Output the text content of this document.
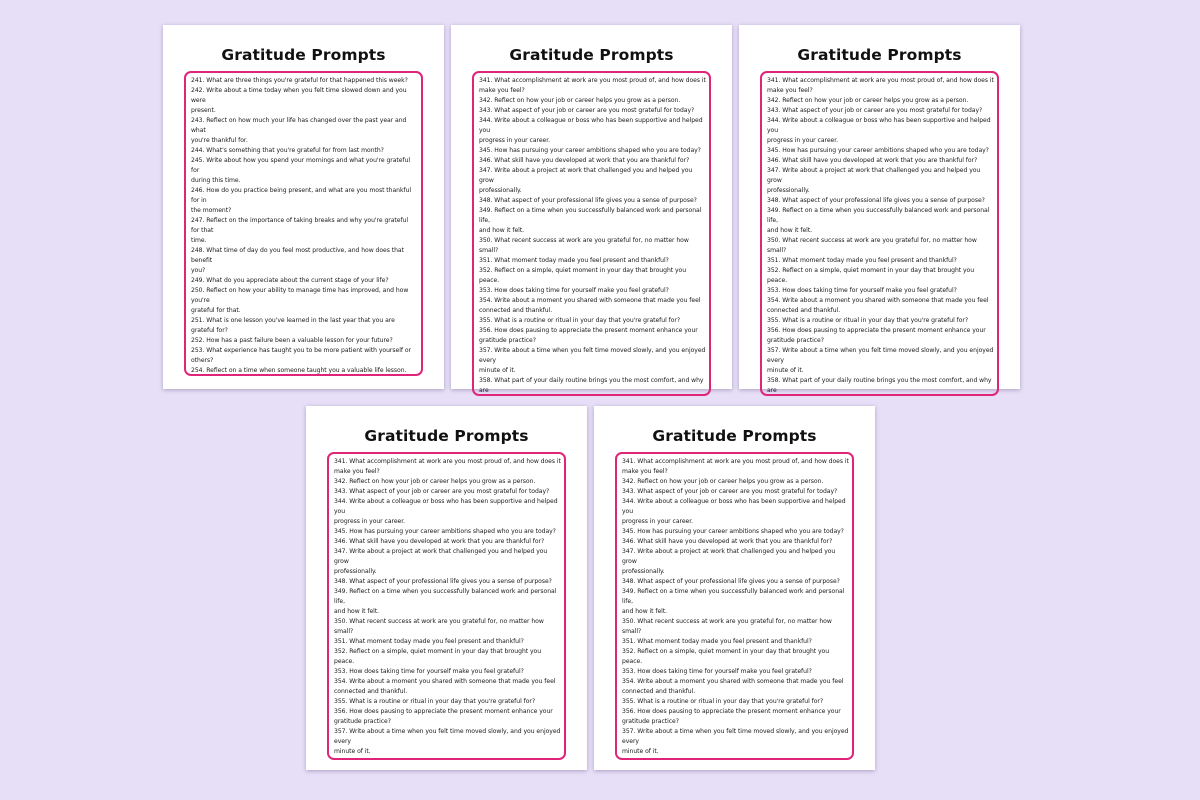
Gratitude Prompts
241. What are three things you're grateful for that happened this week?
242. Write about a time today when you felt time slowed down and you were
present.
243. Reflect on how much your life has changed over the past year and what
you're thankful for.
244. What's something that you're grateful for from last month?
245. Write about how you spend your mornings and what you're grateful for
during this time.
246. How do you practice being present, and what are you most thankful for in
the moment?
247. Reflect on the importance of taking breaks and why you're grateful for that
time.
248. What time of day do you feel most productive, and how does that benefit
you?
249. What do you appreciate about the current stage of your life?
250. Reflect on how your ability to manage time has improved, and how you're
grateful for that.
251. What is one lesson you've learned in the last year that you are grateful for?
252. How has a past failure been a valuable lesson for your future?
253. What experience has taught you to be more patient with yourself or others?
254. Reflect on a time when someone taught you a valuable life lesson.
Gratitude Prompts
341. What accomplishment at work are you most proud of, and how does it
make you feel?
342. Reflect on how your job or career helps you grow as a person.
343. What aspect of your job or career are you most grateful for today?
344. Write about a colleague or boss who has been supportive and helped you
progress in your career.
345. How has pursuing your career ambitions shaped who you are today?
346. What skill have you developed at work that you are thankful for?
347. Write about a project at work that challenged you and helped you grow
professionally.
348. What aspect of your professional life gives you a sense of purpose?
349. Reflect on a time when you successfully balanced work and personal life,
and how it felt.
350. What recent success at work are you grateful for, no matter how small?
351. What moment today made you feel present and thankful?
352. Reflect on a simple, quiet moment in your day that brought you peace.
353. How does taking time for yourself make you feel grateful?
354. Write about a moment you shared with someone that made you feel
connected and thankful.
355. What is a routine or ritual in your day that you're grateful for?
356. How does pausing to appreciate the present moment enhance your
gratitude practice?
357. Write about a time when you felt time moved slowly, and you enjoyed every
minute of it.
358. What part of your daily routine brings you the most comfort, and why are

Gratitude Prompts
341. What accomplishment at work are you most proud of, and how does it
make you feel?
342. Reflect on how your job or career helps you grow as a person.
343. What aspect of your job or career are you most grateful for today?
344. Write about a colleague or boss who has been supportive and helped you
progress in your career.
345. How has pursuing your career ambitions shaped who you are today?
346. What skill have you developed at work that you are thankful for?
347. Write about a project at work that challenged you and helped you grow
professionally.
348. What aspect of your professional life gives you a sense of purpose?
349. Reflect on a time when you successfully balanced work and personal life,
and how it felt.
350. What recent success at work are you grateful for, no matter how small?
351. What moment today made you feel present and thankful?
352. Reflect on a simple, quiet moment in your day that brought you peace.
353. How does taking time for yourself make you feel grateful?
354. Write about a moment you shared with someone that made you feel
connected and thankful.
355. What is a routine or ritual in your day that you're grateful for?
356. How does pausing to appreciate the present moment enhance your
gratitude practice?
357. Write about a time when you felt time moved slowly, and you enjoyed every
minute of it.
358. What part of your daily routine brings you the most comfort, and why are

Gratitude Prompts
341. What accomplishment at work are you most proud of, and how does it
make you feel?
342. Reflect on how your job or career helps you grow as a person.
343. What aspect of your job or career are you most grateful for today?
344. Write about a colleague or boss who has been supportive and helped you
progress in your career.
345. How has pursuing your career ambitions shaped who you are today?
346. What skill have you developed at work that you are thankful for?
347. Write about a project at work that challenged you and helped you grow
professionally.
348. What aspect of your professional life gives you a sense of purpose?
349. Reflect on a time when you successfully balanced work and personal life,
and how it felt.
350. What recent success at work are you grateful for, no matter how small?
351. What moment today made you feel present and thankful?
352. Reflect on a simple, quiet moment in your day that brought you peace.
353. How does taking time for yourself make you feel grateful?
354. Write about a moment you shared with someone that made you feel
connected and thankful.
355. What is a routine or ritual in your day that you're grateful for?
356. How does pausing to appreciate the present moment enhance your
gratitude practice?
357. Write about a time when you felt time moved slowly, and you enjoyed every
minute of it.
Gratitude Prompts
341. What accomplishment at work are you most proud of, and how does it
make you feel?
342. Reflect on how your job or career helps you grow as a person.
343. What aspect of your job or career are you most grateful for today?
344. Write about a colleague or boss who has been supportive and helped you
progress in your career.
345. How has pursuing your career ambitions shaped who you are today?
346. What skill have you developed at work that you are thankful for?
347. Write about a project at work that challenged you and helped you grow
professionally.
348. What aspect of your professional life gives you a sense of purpose?
349. Reflect on a time when you successfully balanced work and personal life,
and how it felt.
350. What recent success at work are you grateful for, no matter how small?
351. What moment today made you feel present and thankful?
352. Reflect on a simple, quiet moment in your day that brought you peace.
353. How does taking time for yourself make you feel grateful?
354. Write about a moment you shared with someone that made you feel
connected and thankful.
355. What is a routine or ritual in your day that you're grateful for?
356. How does pausing to appreciate the present moment enhance your
gratitude practice?
357. Write about a time when you felt time moved slowly, and you enjoyed every
minute of it.
